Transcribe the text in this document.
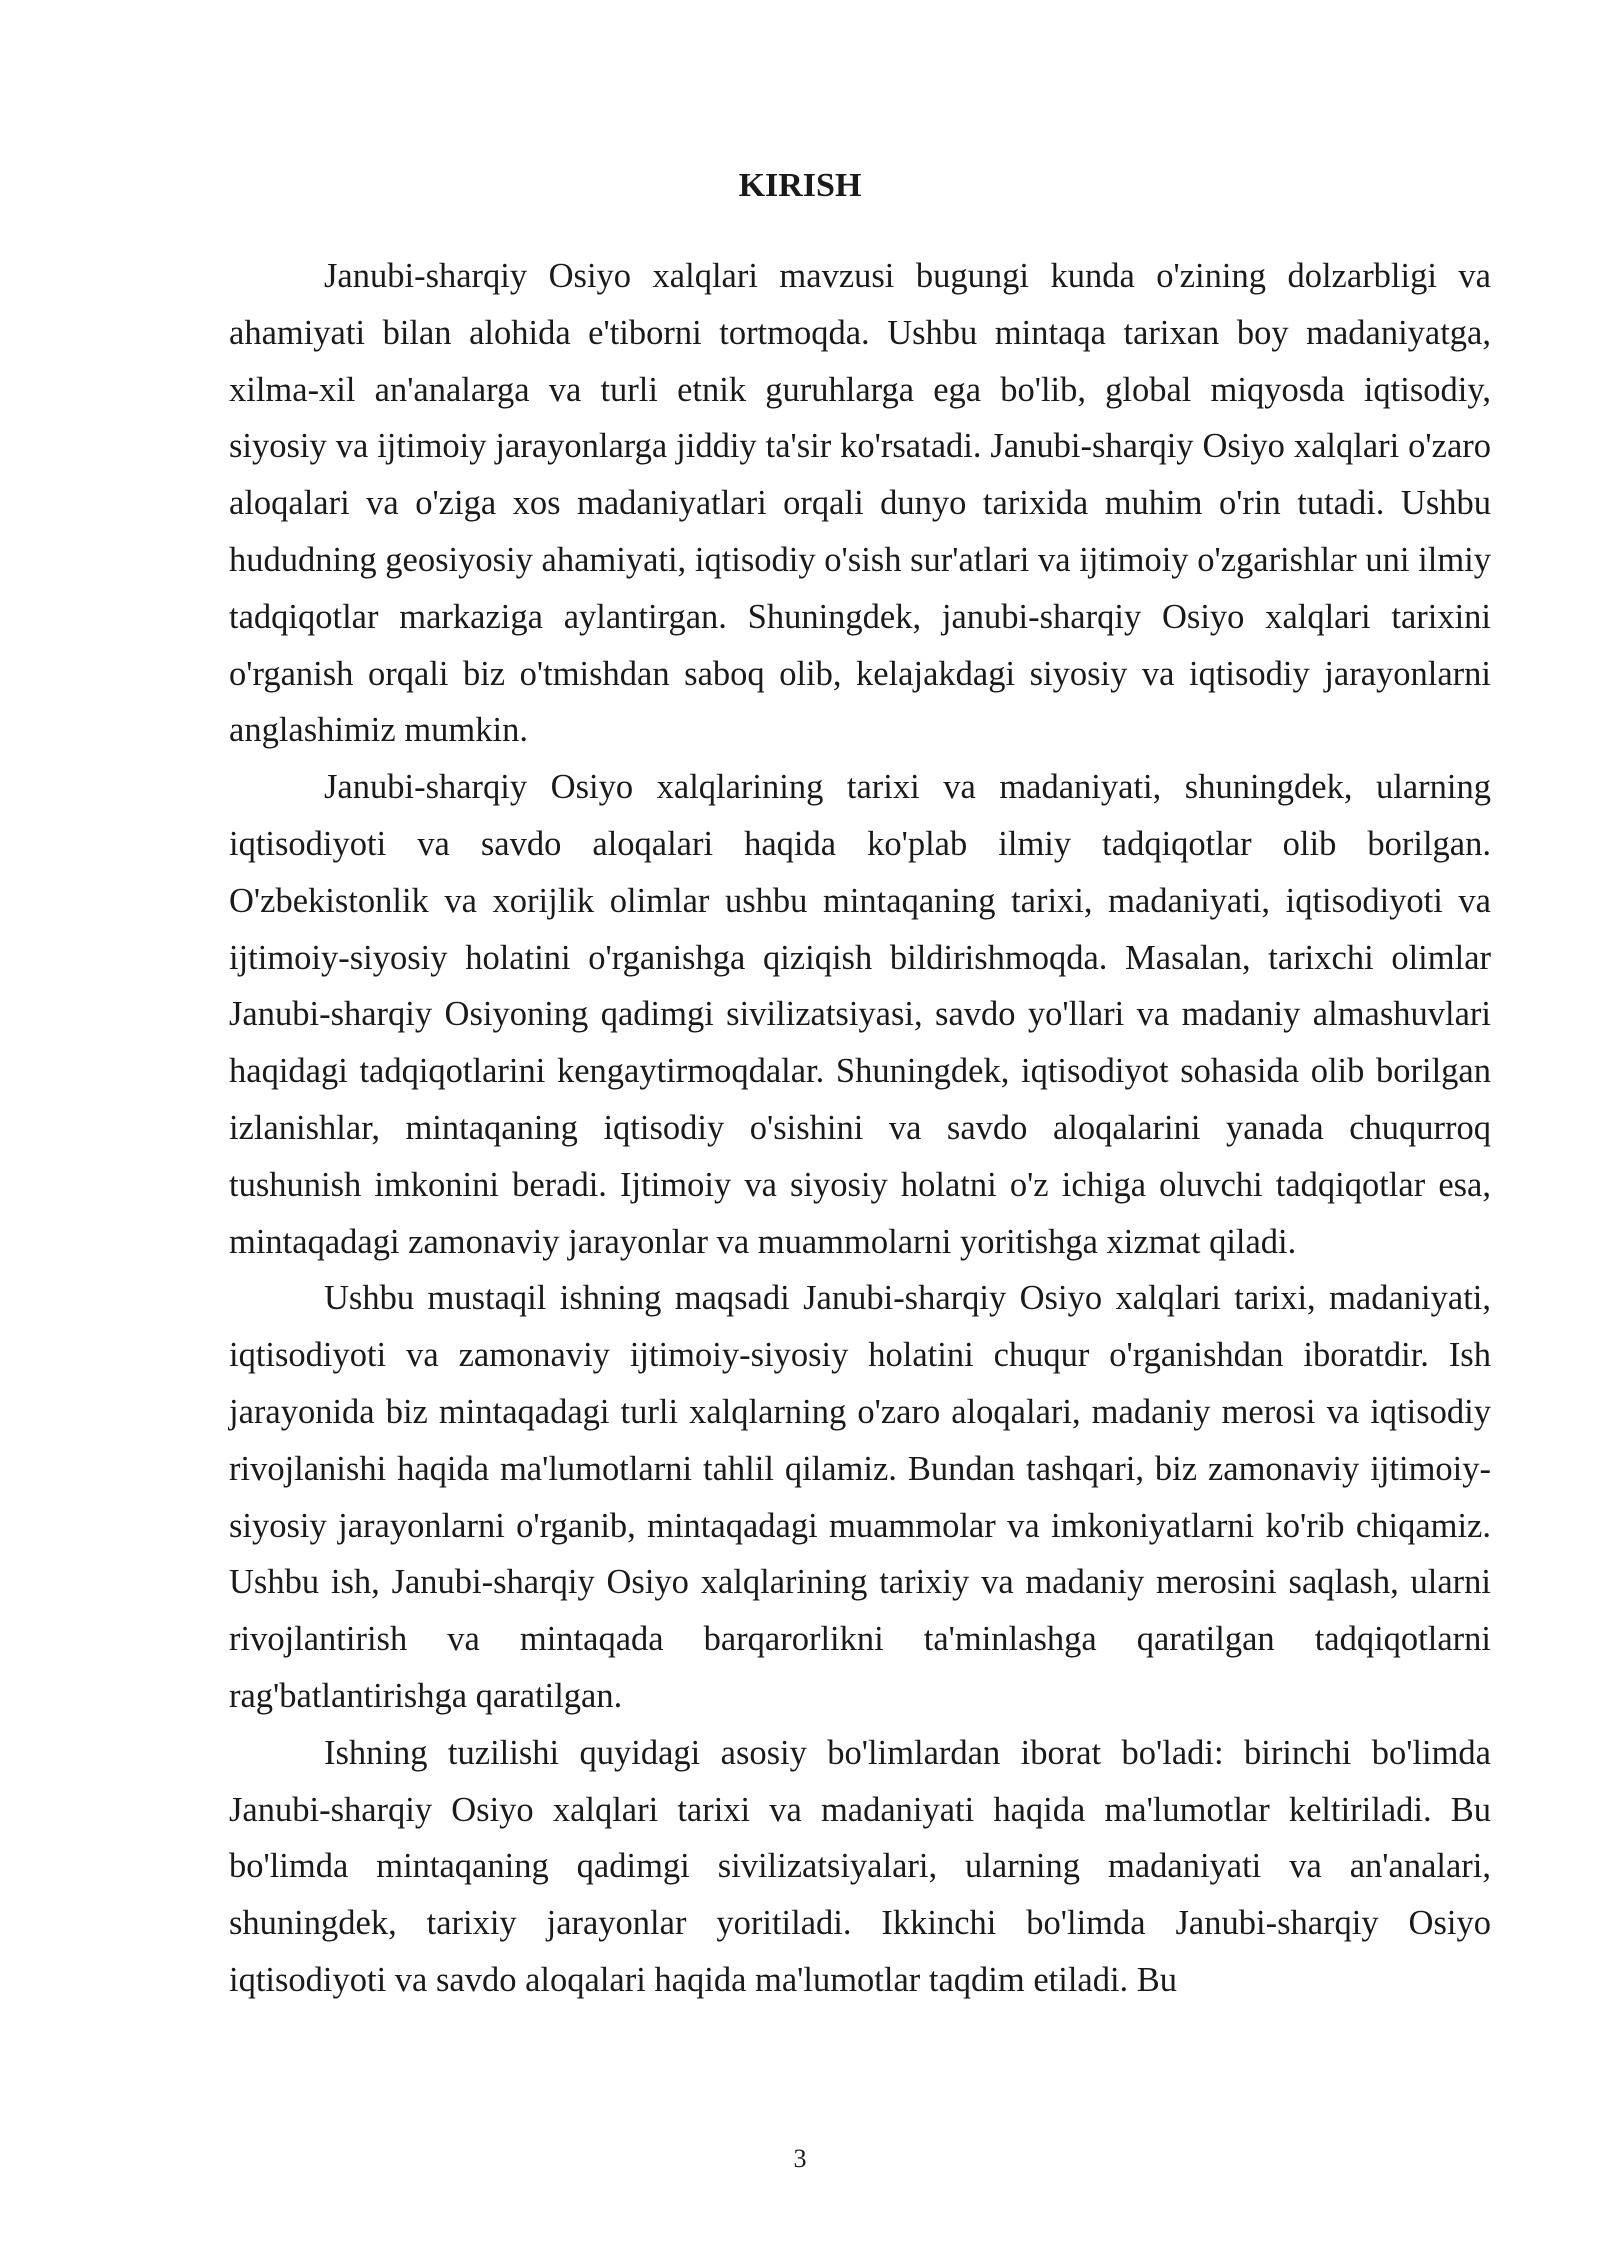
KIRISH

Janubi-sharqiy Osiyo xalqlari mavzusi bugungi kunda o'zining dolzarbligi va ahamiyati bilan alohida e'tiborni tortmoqda. Ushbu mintaqa tarixan boy madaniyatga, xilma-xil an'analarga va turli etnik guruhlarga ega bo'lib, global miqyosda iqtisodiy, siyosiy va ijtimoiy jarayonlarga jiddiy ta'sir ko'rsatadi. Janubi-sharqiy Osiyo xalqlari o'zaro aloqalari va o'ziga xos madaniyatlari orqali dunyo tarixida muhim o'rin tutadi. Ushbu hududning geosiyosiy ahamiyati, iqtisodiy o'sish sur'atlari va ijtimoiy o'zgarishlar uni ilmiy tadqiqotlar markaziga aylantirgan. Shuningdek, janubi-sharqiy Osiyo xalqlari tarixini o'rganish orqali biz o'tmishdan saboq olib, kelajakdagi siyosiy va iqtisodiy jarayonlarni anglashimiz mumkin.

Janubi-sharqiy Osiyo xalqlarining tarixi va madaniyati, shuningdek, ularning iqtisodiyoti va savdo aloqalari haqida ko'plab ilmiy tadqiqotlar olib borilgan. O'zbekistonlik va xorijlik olimlar ushbu mintaqaning tarixi, madaniyati, iqtisodiyoti va ijtimoiy-siyosiy holatini o'rganishga qiziqish bildirishmoqda. Masalan, tarixchi olimlar Janubi-sharqiy Osiyoning qadimgi sivilizatsiyasi, savdo yo'llari va madaniy almashuvlari haqidagi tadqiqotlarini kengaytirmoqdalar. Shuningdek, iqtisodiyot sohasida olib borilgan izlanishlar, mintaqaning iqtisodiy o'sishini va savdo aloqalarini yanada chuqurroq tushunish imkonini beradi. Ijtimoiy va siyosiy holatni o'z ichiga oluvchi tadqiqotlar esa, mintaqadagi zamonaviy jarayonlar va muammolarni yoritishga xizmat qiladi.

Ushbu mustaqil ishning maqsadi Janubi-sharqiy Osiyo xalqlari tarixi, madaniyati, iqtisodiyoti va zamonaviy ijtimoiy-siyosiy holatini chuqur o'rganishdan iboratdir. Ish jarayonida biz mintaqadagi turli xalqlarning o'zaro aloqalari, madaniy merosi va iqtisodiy rivojlanishi haqida ma'lumotlarni tahlil qilamiz. Bundan tashqari, biz zamonaviy ijtimoiy-siyosiy jarayonlarni o'rganib, mintaqadagi muammolar va imkoniyatlarni ko'rib chiqamiz. Ushbu ish, Janubi-sharqiy Osiyo xalqlarining tarixiy va madaniy merosini saqlash, ularni rivojlantirish va mintaqada barqarorlikni ta'minlashga qaratilgan tadqiqotlarni rag'batlantirishga qaratilgan.

Ishning tuzilishi quyidagi asosiy bo'limlardan iborat bo'ladi: birinchi bo'limda Janubi-sharqiy Osiyo xalqlari tarixi va madaniyati haqida ma'lumotlar keltiriladi. Bu bo'limda mintaqaning qadimgi sivilizatsiyalari, ularning madaniyati va an'analari, shuningdek, tarixiy jarayonlar yoritiladi. Ikkinchi bo'limda Janubi-sharqiy Osiyo iqtisodiyoti va savdo aloqalari haqida ma'lumotlar taqdim etiladi. Bu

3
